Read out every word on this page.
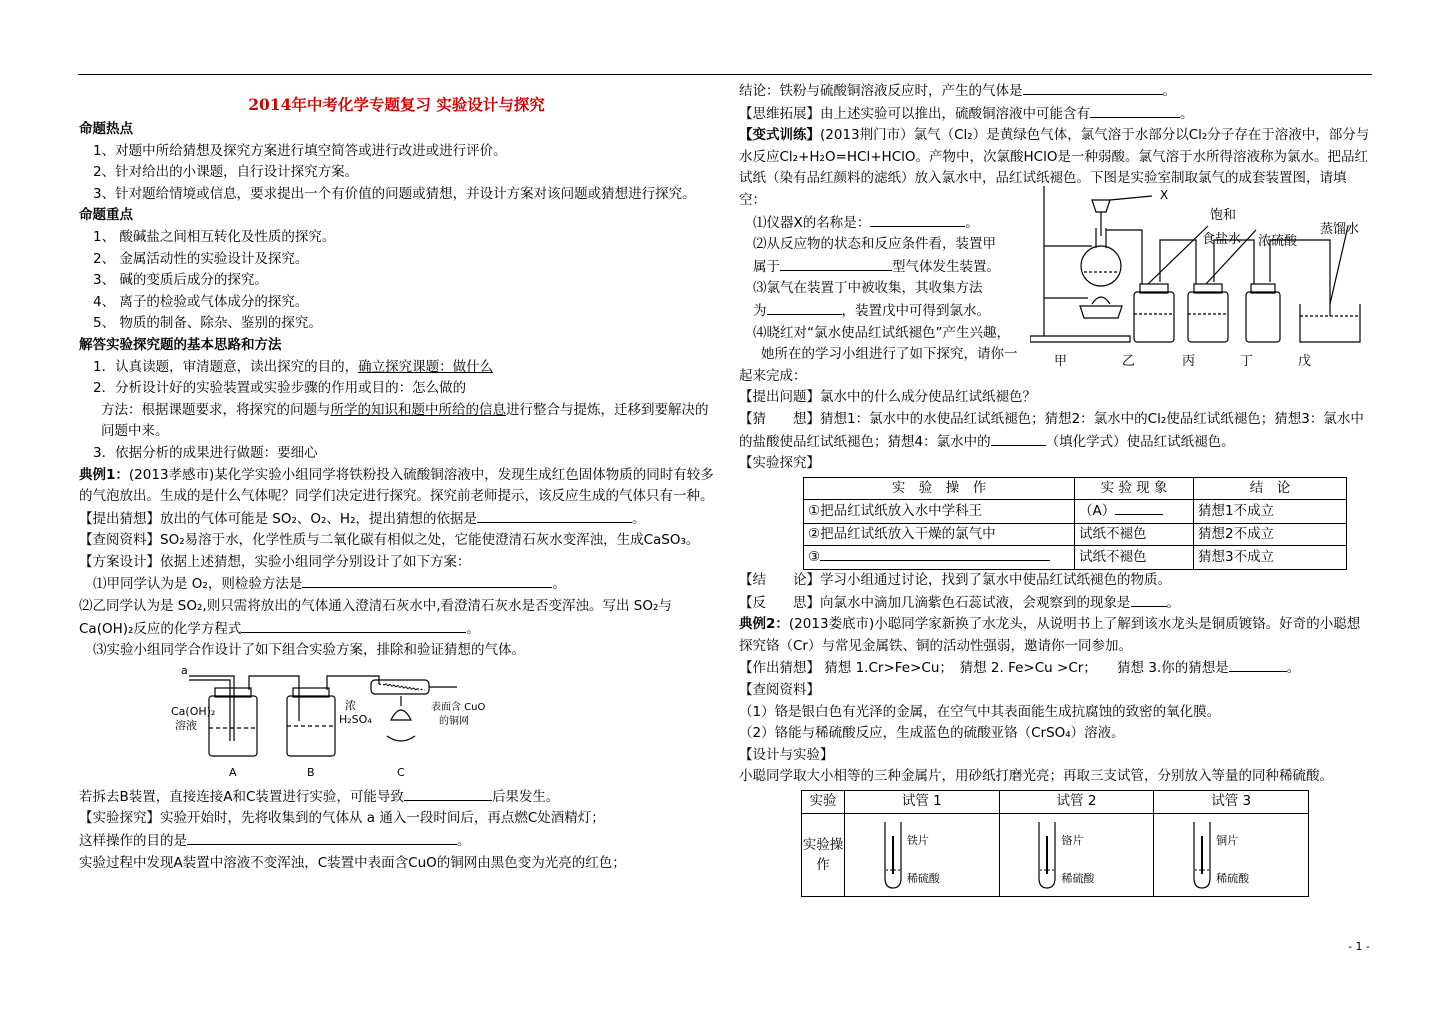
2014年中考化学专题复习 实验设计与探究

命题热点

1、对题中所给猜想及探究方案进行填空简答或进行改进或进行评价。

2、针对给出的小课题，自行设计探究方案。

3、针对题给情境或信息，要求提出一个有价值的问题或猜想，并设计方案对该问题或猜想进行探究。

命题重点

1、 酸碱盐之间相互转化及性质的探究。

2、 金属活动性的实验设计及探究。

3、 碱的变质后成分的探究。

4、 离子的检验或气体成分的探究。

5、 物质的制备、除杂、鉴别的探究。

解答实验探究题的基本思路和方法

1．认真读题，审清题意，读出探究的目的，确立探究课题：做什么

2．分析设计好的实验装置或实验步骤的作用或目的：怎么做的

方法：根据课题要求，将探究的问题与所学的知识和题中所给的信息进行整合与提炼，迁移到要解决的问题中来。

3．依据分析的成果进行做题：要细心

典例1：(2013孝感市)某化学实验小组同学将铁粉投入硫酸铜溶液中，发现生成红色固体物质的同时有较多的气泡放出。生成的是什么气体呢？同学们决定进行探究。探究前老师提示，该反应生成的气体只有一种。

【提出猜想】放出的气体可能是 SO₂、O₂、H₂，提出猜想的依据是	。

【查阅资料】SO₂易溶于水，化学性质与二氧化碳有相似之处，它能使澄清石灰水变浑浊，生成CaSO₃。

【方案设计】依据上述猜想，实验小组同学分别设计了如下方案：

⑴甲同学认为是 O₂，则检验方法是	。

⑵乙同学认为是 SO₂,则只需将放出的气体通入澄清石灰水中,看澄清石灰水是否变浑浊。写出 SO₂与Ca(OH)₂反应的化学方程式	。

⑶实验小组同学合作设计了如下组合实验方案，排除和验证猜想的气体。

a
Ca(OH)₂
溶液
浓
H₂SO₄
表面含 CuO
的铜网
A	B	C

若拆去B装置，直接连接A和C装置进行实验，可能导致	后果发生。

【实验探究】实验开始时，先将收集到的气体从 a 通入一段时间后，再点燃C处酒精灯；

这样操作的目的是	。

实验过程中发现A装置中溶液不变浑浊，C装置中表面含CuO的铜网由黑色变为光亮的红色；

结论：铁粉与硫酸铜溶液反应时，产生的气体是	。

【思维拓展】由上述实验可以推出，硫酸铜溶液中可能含有	。

【变式训练】(2013荆门市）氯气（Cl₂）是黄绿色气体，氯气溶于水部分以Cl₂分子存在于溶液中，部分与水反应Cl₂+H₂O=HCl+HClO。产物中，次氯酸HClO是一种弱酸。氯气溶于水所得溶液称为氯水。把品红试纸（染有品红颜料的滤纸）放入氯水中，品红试纸褪色。下图是实验室制取氯气的成套装置图，请填空：

⑴仪器X的名称是：	。

⑵从反应物的状态和反应条件看，装置甲

属于	型气体发生装置。

⑶氯气在装置丁中被收集，其收集方法

为	，装置戊中可得到氯水。

⑷晓红对“氯水使品红试纸褪色”产生兴趣，

她所在的学习小组进行了如下探究，请你一

起来完成：

【提出问题】氯水中的什么成分使品红试纸褪色？

【猜　　想】猜想1：氯水中的水使品红试纸褪色；猜想2：氯水中的Cl₂使品红试纸褪色；猜想3：氯水中的盐酸使品红试纸褪色；猜想4：氯水中的	（填化学式）使品红试纸褪色。

【实验探究】

实　验　操　作	实 验 现 象	结　论
①把品红试纸放入水中学科王	（A）	猜想1不成立
②把品红试纸放入干燥的氯气中	试纸不褪色	猜想2不成立
③	试纸不褪色	猜想3不成立

【结　　论】学习小组通过讨论，找到了氯水中使品红试纸褪色的物质。

【反　　思】向氯水中滴加几滴紫色石蕊试液，会观察到的现象是	。

典例2：(2013娄底市)小聪同学家新换了水龙头，从说明书上了解到该水龙头是铜质镀铬。好奇的小聪想探究铬（Cr）与常见金属铁、铜的活动性强弱，邀请你一同参加。

【作出猜想】 猜想 1.Cr>Fe>Cu；　猜想 2. Fe>Cu >Cr；　　猜想 3.你的猜想是	。

【查阅资料】

（1）铬是银白色有光泽的金属，在空气中其表面能生成抗腐蚀的致密的氧化膜。

（2）铬能与稀硫酸反应，生成蓝色的硫酸亚铬（CrSO₄）溶液。

【设计与实验】

小聪同学取大小相等的三种金属片，用砂纸打磨光亮；再取三支试管，分别放入等量的同种稀硫酸。

实验	试管 1	试管 2	试管 3
实验操作	铁片
稀硫酸	铬片
稀硫酸	铜片
稀硫酸
X
饱和
食盐水 浓硫酸
蒸馏水
甲	乙	丙	丁	戊
- 1 -
